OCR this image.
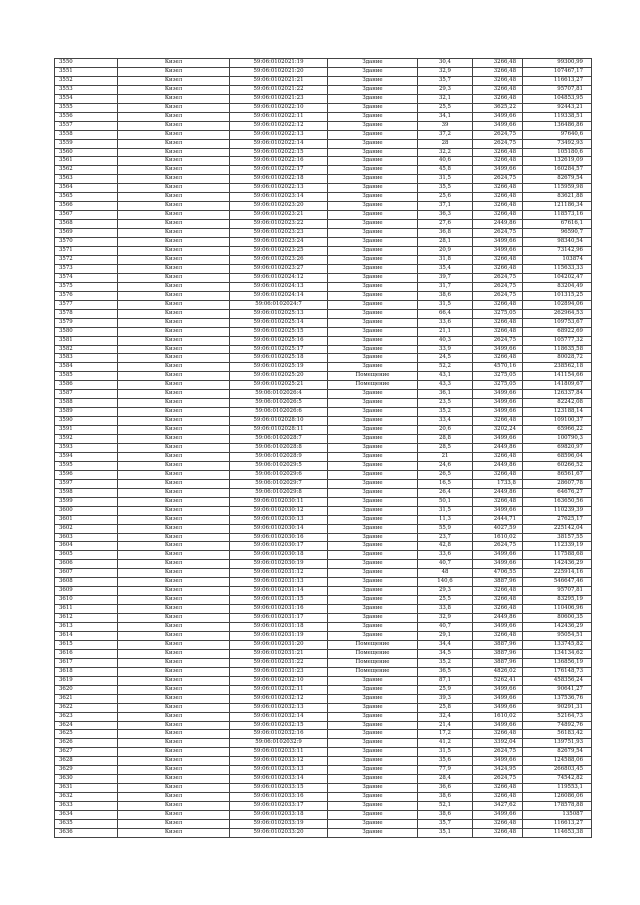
3550	Кизел	59:06:0102021:19	Здание	30,4	3266,48	99300,99
3551	Кизел	59:06:0102021:20	Здание	32,9	3266,48	107467,17
3552	Кизел	59:06:0102021:21	Здание	35,7	3266,48	116613,27
3553	Кизел	59:06:0102021:22	Здание	29,3	3266,48	95707,81
3554	Кизел	59:06:0102021:23	Здание	32,1	3266,48	104853,95
3555	Кизел	59:06:0102022:10	Здание	25,5	3625,22	92443,21
3556	Кизел	59:06:0102022:11	Здание	34,1	3499,66	119338,51
3557	Кизел	59:06:0102022:12	Здание	39	3499,66	136486,86
3558	Кизел	59:06:0102022:13	Здание	37,2	2624,75	97640,6
3559	Кизел	59:06:0102022:14	Здание	28	2624,75	73492,93
3560	Кизел	59:06:0102022:15	Здание	32,2	3266,48	105180,6
3561	Кизел	59:06:0102022:16	Здание	40,6	3266,48	132619,09
3562	Кизел	59:06:0102022:17	Здание	45,8	3499,66	160284,57
3563	Кизел	59:06:0102022:18	Здание	31,5	2624,75	82679,54
3564	Кизел	59:06:0102022:13	Здание	35,5	3266,48	115959,98
3565	Кизел	59:06:0102023:14	Здание	25,6	3266,48	83621,88
3566	Кизел	59:06:0102023:20	Здание	37,1	3266,48	121186,34
3567	Кизел	59:06:0102023:21	Здание	36,3	3266,48	118573,16
3568	Кизел	59:06:0102023:22	Здание	27,6	2449,86	67616,1
3569	Кизел	59:06:0102023:23	Здание	36,8	2624,75	96590,7
3570	Кизел	59:06:0102023:24	Здание	28,1	3499,66	98340,54
3571	Кизел	59:06:0102023:25	Здание	20,9	3499,66	73142,96
3572	Кизел	59:06:0102023:26	Здание	31,8	3266,48	103874
3573	Кизел	59:06:0102023:27	Здание	35,4	3266,48	115633,33
3574	Кизел	59:06:0102024:12	Здание	39,7	2624,75	104202,47
3575	Кизел	59:06:0102024:13	Здание	31,7	2624,75	83204,49
3576	Кизел	59:06:0102024:14	Здание	38,6	2624,75	101315,25
3577	Кизел	59:06:0102024:7	Здание	31,5	3266,48	102894,06
3578	Кизел	59:06:0102025:13	Здание	66,4	3275,05	262964,53
3579	Кизел	59:06:0102025:14	Здание	33,6	3266,48	109753,67
3580	Кизел	59:06:0102025:15	Здание	21,1	3266,48	68922,69
3581	Кизел	59:06:0102025:16	Здание	40,3	2624,75	105777,32
3582	Кизел	59:06:0102025:17	Здание	33,9	3499,66	118635,58
3583	Кизел	59:06:0102025:18	Здание	24,5	3266,48	80028,72
3584	Кизел	59:06:0102025:19	Здание	52,2	4570,16	238562,18
3585	Кизел	59:06:0102025:20	Помещение	43,1	3275,05	141154,66
3586	Кизел	59:06:0102025:21	Помещение	43,3	3275,05	141809,67
3587	Кизел	59:06:0102026:4	Здание	36,1	3499,66	126337,84
3588	Кизел	59:06:0102026:5	Здание	23,5	3499,66	82242,08
3589	Кизел	59:06:0102026:6	Здание	35,2	3499,66	123188,14
3590	Кизел	59:06:0102028:10	Здание	33,4	3266,48	109100,37
3591	Кизел	59:06:0102028:11	Здание	20,6	3202,24	65966,22
3592	Кизел	59:06:0102028:7	Здание	28,8	3499,66	100790,3
3593	Кизел	59:06:0102028:8	Здание	28,5	2449,86	69820,97
3594	Кизел	59:06:0102028:9	Здание	21	3266,48	68596,04
3595	Кизел	59:06:0102029:5	Здание	24,6	2449,86	60266,52
3596	Кизел	59:06:0102029:6	Здание	26,5	3266,48	86561,67
3597	Кизел	59:06:0102029:7	Здание	16,5	1733,8	28607,78
3598	Кизел	59:06:0102029:8	Здание	26,4	2449,86	64676,27
3599	Кизел	59:06:0102030:11	Здание	50,1	3266,48	163650,56
3600	Кизел	59:06:0102030:12	Здание	31,5	3499,66	110239,39
3601	Кизел	59:06:0102030:13	Здание	11,3	2444,71	27625,17
3602	Кизел	59:06:0102030:14	Здание	55,9	4027,59	225142,04
3603	Кизел	59:06:0102030:16	Здание	23,7	1610,02	38157,55
3604	Кизел	59:06:0102030:17	Здание	42,8	2624,75	112339,19
3605	Кизел	59:06:0102030:18	Здание	33,6	3499,66	117588,68
3606	Кизел	59:06:0102030:19	Здание	40,7	3499,66	142436,29
3607	Кизел	59:06:0102031:12	Здание	48	4706,55	225914,16
3608	Кизел	59:06:0102031:13	Здание	140,6	3887,96	546647,46
3609	Кизел	59:06:0102031:14	Здание	29,3	3266,48	95707,81
3610	Кизел	59:06:0102031:15	Здание	25,5	3266,48	83295,19
3611	Кизел	59:06:0102031:16	Здание	33,8	3266,48	110406,96
3612	Кизел	59:06:0102031:17	Здание	32,9	2449,86	80600,35
3613	Кизел	59:06:0102031:18	Здание	40,7	3499,66	142436,29
3614	Кизел	59:06:0102031:19	Здание	29,1	3266,48	95054,51
3615	Кизел	59:06:0102031:20	Помещение	34,4	3887,96	133745,82
3616	Кизел	59:06:0102031:21	Помещение	34,5	3887,96	134134,62
3617	Кизел	59:06:0102031:22	Помещение	35,2	3887,96	136856,19
3618	Кизел	59:06:0102031:23	Помещение	36,5	4826,02	176148,73
3619	Кизел	59:06:0102032:10	Здание	87,1	5262,41	458356,24
3620	Кизел	59:06:0102032:11	Здание	25,9	3499,66	90641,27
3621	Кизел	59:06:0102032:12	Здание	39,3	3499,66	137536,76
3622	Кизел	59:06:0102032:13	Здание	25,8	3499,66	90291,31
3623	Кизел	59:06:0102032:14	Здание	32,4	1610,02	52164,73
3624	Кизел	59:06:0102032:15	Здание	21,4	3499,66	74892,76
3625	Кизел	59:06:0102032:16	Здание	17,2	3266,48	56183,42
3626	Кизел	59:06:0102032:9	Здание	41,2	3392,04	139751,93
3627	Кизел	59:06:0102033:11	Здание	31,5	2624,75	82679,54
3628	Кизел	59:06:0102033:12	Здание	35,6	3499,66	124588,06
3629	Кизел	59:06:0102033:13	Здание	77,9	3424,95	266803,45
3630	Кизел	59:06:0102033:14	Здание	28,4	2624,75	74542,82
3631	Кизел	59:06:0102033:15	Здание	36,6	3266,48	119553,1
3632	Кизел	59:06:0102033:16	Здание	38,6	3266,48	126086,06
3633	Кизел	59:06:0102033:17	Здание	52,1	3427,62	178578,88
3634	Кизел	59:06:0102033:18	Здание	38,6	3499,66	135087
3635	Кизел	59:06:0102033:19	Здание	35,7	3266,48	116613,27
3636	Кизел	59:06:0102033:20	Здание	35,1	3266,48	114653,38
